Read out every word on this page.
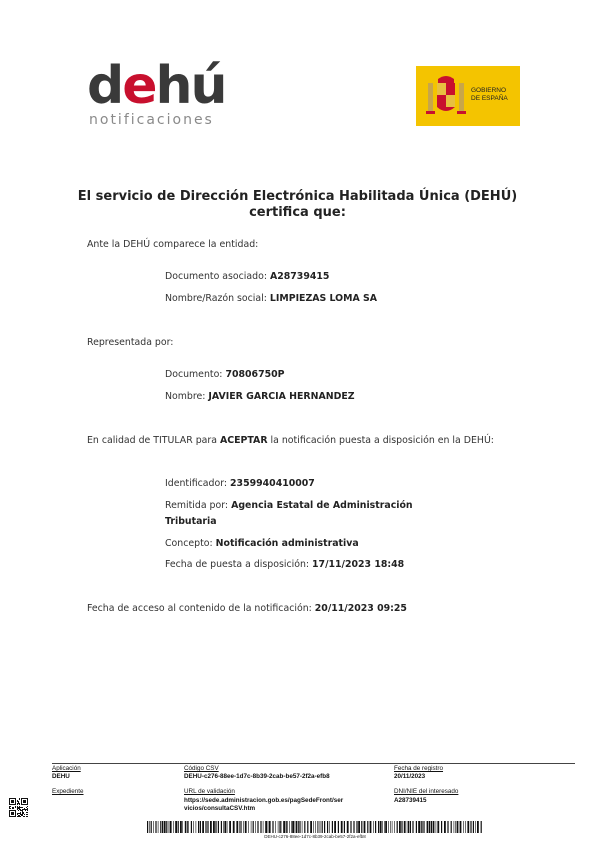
dehú
notificaciones
GOBIERNO
DE ESPAÑA
El servicio de Dirección Electrónica Habilitada Única (DEHÚ)
certifica que:
Ante la DEHÚ comparece la entidad:
Documento asociado: A28739415
Nombre/Razón social: LIMPIEZAS LOMA SA
Representada por:
Documento: 70806750P
Nombre: JAVIER GARCIA HERNANDEZ
En calidad de TITULAR para ACEPTAR la notificación puesta a disposición en la DEHÚ:
Identificador: 2359940410007
Remitida por: Agencia Estatal de Administración
Tributaria
Concepto: Notificación administrativa
Fecha de puesta a disposición: 17/11/2023 18:48
Fecha de acceso al contenido de la notificación: 20/11/2023 09:25
Aplicación
DEHU
Expediente
Código CSV
DEHU-c276-88ee-1d7c-8b39-2cab-be57-2f2a-efb8
URL de validación
https://sede.administracion.gob.es/pagSedeFront/ser
vicios/consultaCSV.htm
Fecha de registro
20/11/2023
DNI/NIE del interesado
A28739415
DEHU-c276-88ee-1d7c-8b39-2cab-be57-2f2a-efb8
